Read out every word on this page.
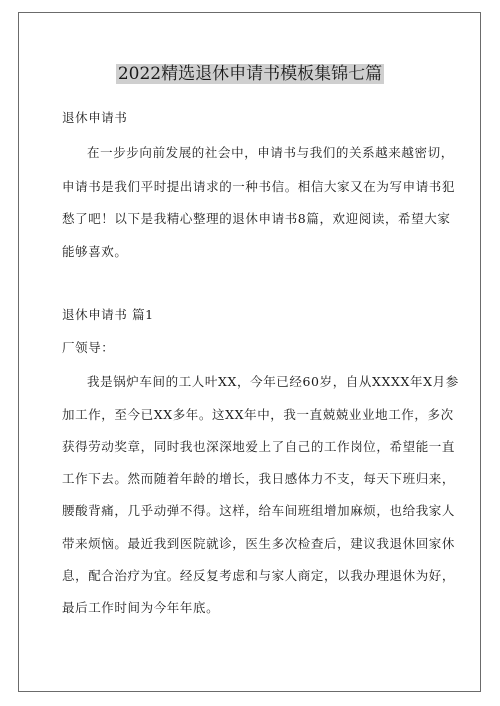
2022精选退休申请书模板集锦七篇
退休申请书
在一步步向前发展的社会中，申请书与我们的关系越来越密切，
申请书是我们平时提出请求的一种书信。相信大家又在为写申请书犯
愁了吧！以下是我精心整理的退休申请书8篇，欢迎阅读，希望大家
能够喜欢。
退休申请书 篇1
厂领导：
我是锅炉车间的工人叶XX，今年已经60岁，自从XXXX年X月参
加工作，至今已XX多年。这XX年中，我一直兢兢业业地工作，多次
获得劳动奖章，同时我也深深地爱上了自己的工作岗位，希望能一直
工作下去。然而随着年龄的增长，我日感体力不支，每天下班归来，
腰酸背痛，几乎动弹不得。这样，给车间班组增加麻烦，也给我家人
带来烦恼。最近我到医院就诊，医生多次检查后，建议我退休回家休
息，配合治疗为宜。经反复考虑和与家人商定，以我办理退休为好，
最后工作时间为今年年底。
